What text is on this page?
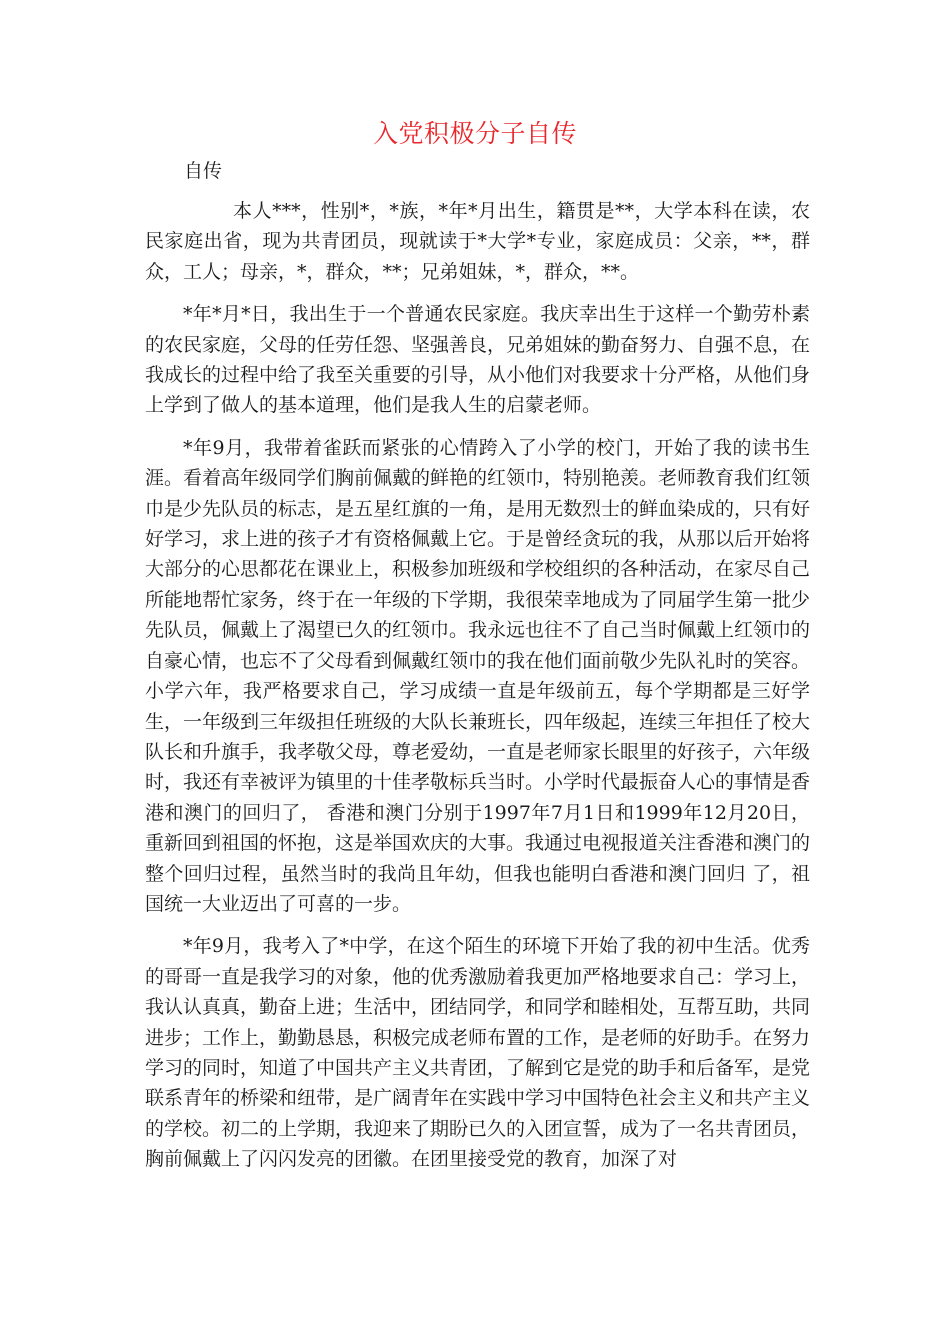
入党积极分子自传
自传

本人***，性别*，*族，*年*月出生，籍贯是**，大学本科在读，农民家庭出省，现为共青团员，现就读于*大学*专业，家庭成员：父亲，**，群众，工人；母亲，*，群众，**；兄弟姐妹，*，群众，**。

*年*月*日，我出生于一个普通农民家庭。我庆幸出生于这样一个勤劳朴素的农民家庭，父母的任劳任怨、坚强善良，兄弟姐妹的勤奋努力、自强不息，在我成长的过程中给了我至关重要的引导，从小他们对我要求十分严格，从他们身上学到了做人的基本道理，他们是我人生的启蒙老师。

*年9月，我带着雀跃而紧张的心情跨入了小学的校门，开始了我的读书生涯。看着高年级同学们胸前佩戴的鲜艳的红领巾，特别艳羡。老师教育我们红领巾是少先队员的标志，是五星红旗的一角，是用无数烈士的鲜血染成的，只有好好学习，求上进的孩子才有资格佩戴上它。于是曾经贪玩的我，从那以后开始将大部分的心思都花在课业上，积极参加班级和学校组织的各种活动，在家尽自己所能地帮忙家务，终于在一年级的下学期，我很荣幸地成为了同届学生第一批少先队员，佩戴上了渴望已久的红领巾。我永远也往不了自己当时佩戴上红领巾的自豪心情，也忘不了父母看到佩戴红领巾的我在他们面前敬少先队礼时的笑容。小学六年，我严格要求自己，学习成绩一直是年级前五，每个学期都是三好学生，一年级到三年级担任班级的大队长兼班长，四年级起，连续三年担任了校大队长和升旗手，我孝敬父母，尊老爱幼，一直是老师家长眼里的好孩子，六年级时，我还有幸被评为镇里的十佳孝敬标兵当时。小学时代最振奋人心的事情是香港和澳门的回归了， 香港和澳门分别于1997年7月1日和1999年12月20日，重新回到祖国的怀抱，这是举国欢庆的大事。我通过电视报道关注香港和澳门的整个回归过程，虽然当时的我尚且年幼，但我也能明白香港和澳门回归 了，祖国统一大业迈出了可喜的一步。

*年9月，我考入了*中学，在这个陌生的环境下开始了我的初中生活。优秀的哥哥一直是我学习的对象，他的优秀激励着我更加严格地要求自己：学习上，我认认真真，勤奋上进；生活中，团结同学，和同学和睦相处，互帮互助，共同进步；工作上，勤勤恳恳，积极完成老师布置的工作，是老师的好助手。在努力学习的同时，知道了中国共产主义共青团，了解到它是党的助手和后备军，是党联系青年的桥梁和纽带，是广阔青年在实践中学习中国特色社会主义和共产主义的学校。初二的上学期，我迎来了期盼已久的入团宣誓，成为了一名共青团员，胸前佩戴上了闪闪发亮的团徽。在团里接受党的教育，加深了对
